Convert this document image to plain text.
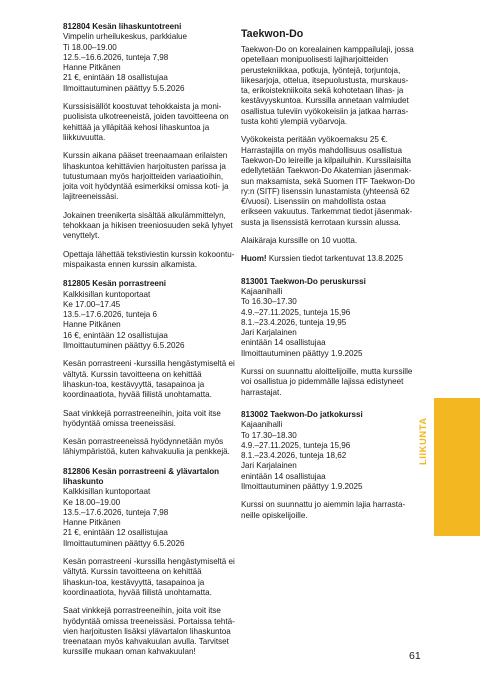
812804 Kesän lihaskuntotreeni

Vimpelin urheilukeskus, parkkialue
Ti 18.00–19.00
12.5.–16.6.2026, tunteja 7,98
Hanne Pitkänen
21 €, enintään 18 osallistujaa
Ilmoittautuminen päättyy 5.5.2026

Kurssisisällöt koostuvat tehokkaista ja moni-puolisista ulkotreeneistä, joiden tavoitteena on kehittää ja ylläpitää kehosi lihaskuntoa ja liikkuvuutta.

Kurssin aikana pääset treenaamaan erilaisten lihaskuntoa kehittävien harjoitusten parissa ja tutustumaan myös harjoitteiden variaatioihin, joita voit hyödyntää esimerkiksi omissa koti- ja lajitreeneissäsi.

Jokainen treenikerta sisältää alkulämmittelyn, tehokkaan ja hikisen treeniosuuden sekä lyhyet venyttelyt.

Opettaja lähettää tekstiviestin kurssin kokoontu-mispaikasta ennen kurssin alkamista.

812805 Kesän porrastreeni

Kalkkisillan kuntoportaat
Ke 17.00–17.45
13.5.–17.6.2026, tunteja 6
Hanne Pitkänen
16 €, enintään 12 osallistujaa
Ilmoittautuminen päättyy 6.5.2026

Kesän porrastreeni -kurssilla hengästymiseltä ei vältytä. Kurssin tavoitteena on kehittää lihaskun-toa, kestävyyttä, tasapainoa ja koordinaatiota, hyvää fiilistä unohtamatta.

Saat vinkkejä porrastreeneihin, joita voit itse hyödyntää omissa treeneissäsi.

Kesän porrastreeneissä hyödynnetään myös lähiympäristöä, kuten kahvakuulia ja penkkejä.

812806 Kesän porrastreeni & ylävartalon lihaskunto

Kalkkisillan kuntoportaat
Ke 18.00–19.00
13.5.–17.6.2026, tunteja 7,98
Hanne Pitkänen
21 €, enintään 12 osallistujaa
Ilmoittautuminen päättyy 6.5.2026

Kesän porrastreeni -kurssilla hengästymiseltä ei vältytä. Kurssin tavoitteena on kehittää lihaskun-toa, kestävyyttä, tasapainoa ja koordinaatiota, hyvää fiilistä unohtamatta.

Saat vinkkejä porrastreeneihin, joita voit itse hyödyntää omissa treeneissäsi. Portaissa tehtä-vien harjoitusten lisäksi ylävartalon lihaskuntoa treenataan myös kahvakuulan avulla. Tarvitset kurssille mukaan oman kahvakuulan!

Taekwon-Do

Taekwon-Do on korealainen kamppailulaji, jossa opetellaan monipuolisesti lajiharjoitteiden perustekniikkaa, potkuja, lyöntejä, torjuntoja, liikesarjoja, ottelua, itsepuolustusta, murskaus-ta, erikoistekniikoita sekä kohotetaan lihas- ja kestävyyskuntoa. Kurssilla annetaan valmiudet osallistua tuleviin vyökokeisiin ja jatkaa harras-tusta kohti ylempiä vyöarvoja.

Vyökokeista peritään vyökoemaksu 25 €. Harrastajilla on myös mahdollisuus osallistua Taekwon-Do leireille ja kilpailuihin. Kurssilaisilta edellytetään Taekwon-Do Akatemian jäsenmak-sun maksamista, sekä Suomen ITF Taekwon-Do ry:n (SITF) lisenssin lunastamista (yhteensä 62 €/vuosi). Lisenssiin on mahdollista ostaa erikseen vakuutus. Tarkemmat tiedot jäsenmak-susta ja lisenssistä kerrotaan kurssin alussa.

Alaikäraja kurssille on 10 vuotta.

Huom! Kurssien tiedot tarkentuvat 13.8.2025

813001 Taekwon-Do peruskurssi

Kajaanihalli
To 16.30–17.30
4.9.–27.11.2025, tunteja 15,96
8.1.–23.4.2026, tunteja 19,95
Jari Karjalainen
enintään 14 osallistujaa
Ilmoittautuminen päättyy 1.9.2025

Kurssi on suunnattu aloittelijoille, mutta kurssille voi osallistua jo pidemmälle lajissa edistyneet harrastajat.

813002 Taekwon-Do jatkokurssi

Kajaanihalli
To 17.30–18.30
4.9.–27.11.2025, tunteja 15,96
8.1.–23.4.2026, tunteja 18,62
Jari Karjalainen
enintään 14 osallistujaa
Ilmoittautuminen päättyy 1.9.2025

Kurssi on suunnattu jo aiemmin lajia harrasta-neille opiskelijoille.

LIIKUNTA
61
